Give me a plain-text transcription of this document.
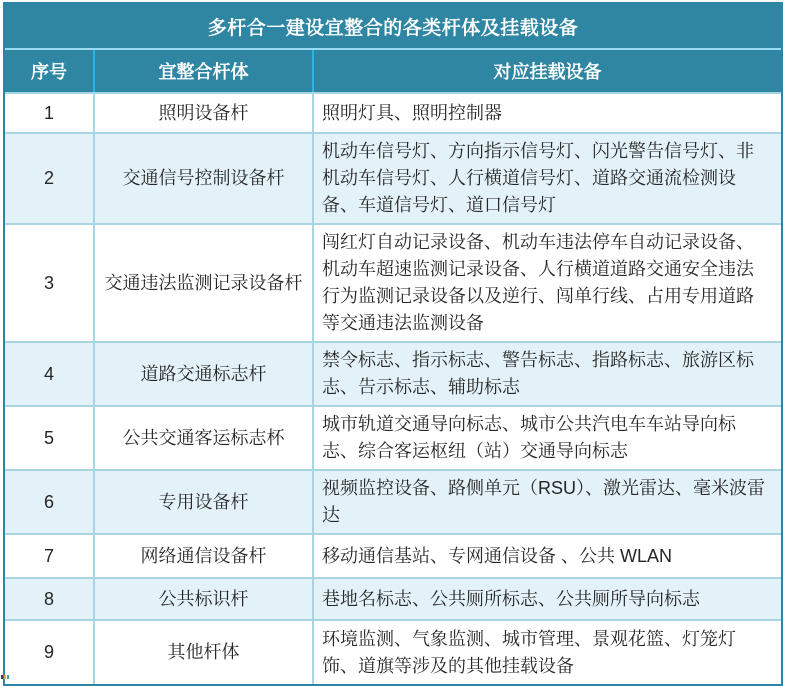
多杆合一建设宜整合的各类杆体及挂载设备
序号	宜整合杆体	对应挂载设备
1	照明设备杆	照明灯具、照明控制器
2	交通信号控制设备杆	机动车信号灯、方向指示信号灯、闪光警告信号灯、非机动车信号灯、人行横道信号灯、道路交通流检测设备、车道信号灯、道口信号灯
3	交通违法监测记录设备杆	闯红灯自动记录设备、机动车违法停车自动记录设备、机动车超速监测记录设备、人行横道道路交通安全违法行为监测记录设备以及逆行、闯单行线、占用专用道路等交通违法监测设备
4	道路交通标志杆	禁令标志、指示标志、警告标志、指路标志、旅游区标志、告示标志、辅助标志
5	公共交通客运标志杯	城市轨道交通导向标志、城市公共汽电车车站导向标志、综合客运枢纽（站）交通导向标志
6	专用设备杆	视频监控设备、路侧单元（RSU）、激光雷达、毫米波雷达
7	网络通信设备杆	移动通信基站、专网通信设备 、公共 WLAN
8	公共标识杆	巷地名标志、公共厕所标志、公共厕所导向标志
9	其他杆体	环境监测、气象监测、城市管理、景观花篮、灯笼灯饰、道旗等涉及的其他挂载设备
